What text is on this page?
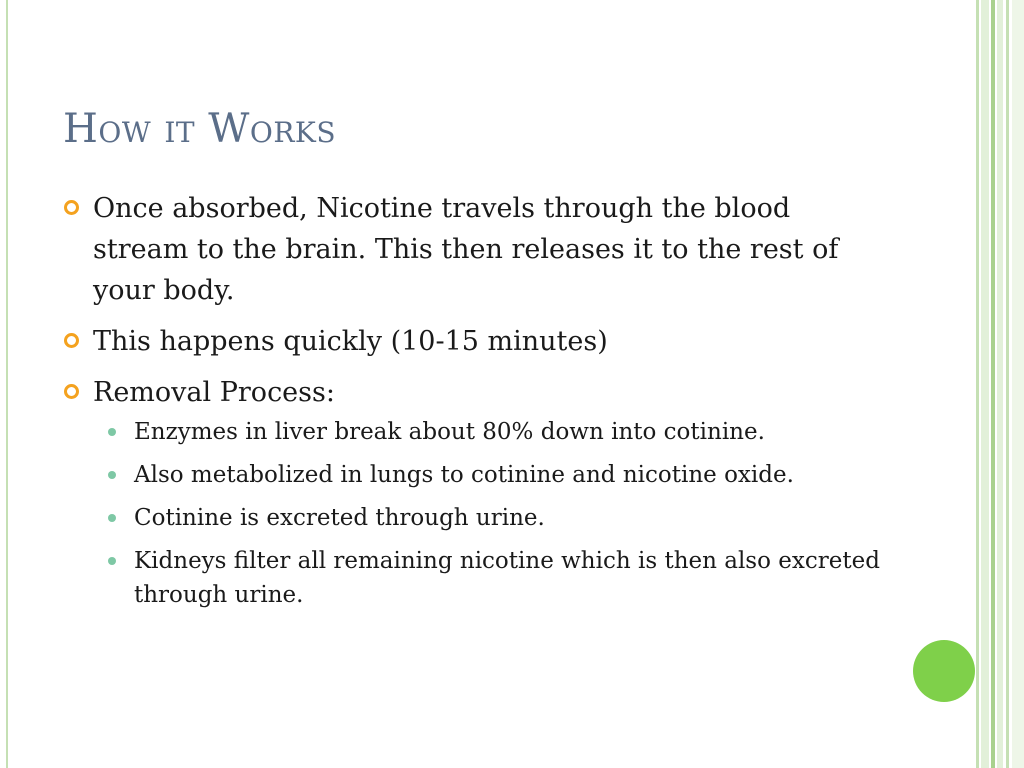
How it Works
Once absorbed, Nicotine travels through the blood stream to the brain. This then releases it to the rest of your body.
This happens quickly (10-15 minutes)
Removal Process:
Enzymes in liver break about 80% down into cotinine.
Also metabolized in lungs to cotinine and nicotine oxide.
Cotinine is excreted through urine.
Kidneys filter all remaining nicotine which is then also excreted through urine.
